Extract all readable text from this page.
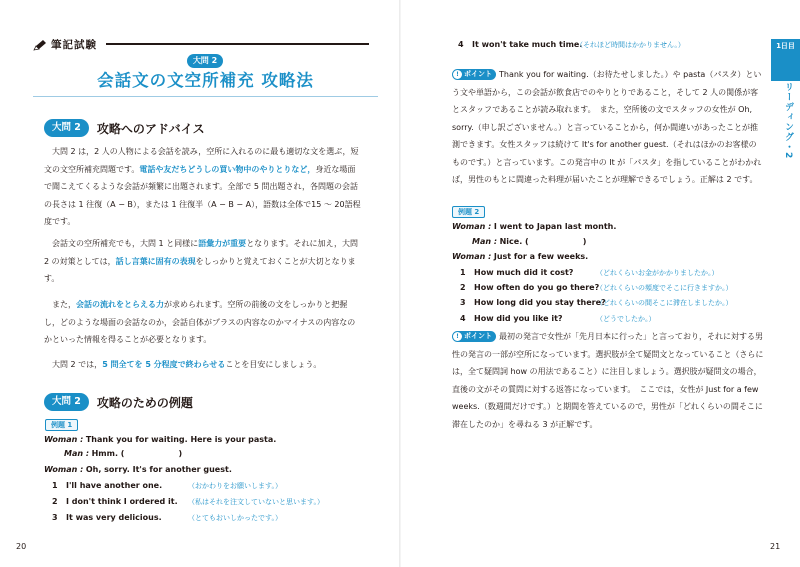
筆記試験
大問 2
会話文の文空所補充 攻略法
大問 2	攻略へのアドバイス
　大問 2 は，2 人の人物による会話を読み，空所に入れるのに最も適切な文を選ぶ，短文の文空所補充問題です。電話や友だちどうしの買い物中のやりとりなど，身近な場面で聞こえてくるような会話が頻繁に出題されます。全部で 5 問出題され，各問題の会話の長さは 1 往復（A − B），または 1 往復半（A − B − A），語数は全体で15 ～ 20語程度です。
　会話文の空所補充でも，大問 1 と同様に語彙力が重要となります。それに加え，大問 2 の対策としては，話し言葉に固有の表現をしっかりと覚えておくことが大切となります。
　また，会話の流れをとらえる力が求められます。空所の前後の文をしっかりと把握し，どのような場面の会話なのか，会話自体がプラスの内容なのかマイナスの内容なのかといった情報を得ることが必要となります。
　大問 2 では，5 問全てを 5 分程度で終わらせることを目安にしましょう。
大問 2	攻略のための例題
例題 1
Woman : Thank you for waiting. Here is your pasta.
Man : Hmm. (	)
Woman : Oh, sorry. It's for another guest.
1 I'll have another one.	（おかわりをお願いします。）
2 I don't think I ordered it. （私はそれを注文していないと思います。）
3 It was very delicious.	（とてもおいしかったです。）
20
4 It won't take much time.（それほど時間はかかりません。）
! ポイント Thank you for waiting.（お待たせしました。）や pasta（パスタ）という文や単語から，この会話が飲食店でのやりとりであること，そして 2 人の関係が客とスタッフであることが読み取れます。　また，空所後の文でスタッフの女性が Oh, sorry.（申し訳ございません。）と言っていることから，何か間違いがあったことが推測できます。女性スタッフは続けて It's for another guest.（それはほかのお客様のものです。）と言っています。この発言中の It が「パスタ」を指していることがわかれば，男性のもとに間違った料理が届いたことが理解できるでしょう。正解は 2 です。
例題 2
Woman : I went to Japan last month.
Man : Nice. (	)
Woman : Just for a few weeks.
1 How much did it cost?	（どれくらいお金がかかりましたか。）
2 How often do you go there?（どれくらいの頻度でそこに行きますか。）
3 How long did you stay there?（どれくらいの間そこに滞在しましたか。）
4 How did you like it?	（どうでしたか。）
! ポイント 最初の発言で女性が「先月日本に行った」と言っており，それに対する男性の発言の一部が空所になっています。選択肢が全て疑問文となっていること（さらには，全て疑問詞 how の用法であること）に注目しましょう。選択肢が疑問文の場合，直後の文がその質問に対する返答になっています。　ここでは，女性が Just for a few weeks.（数週間だけです。）と期間を答えているので，男性が「どれくらいの間そこに滞在したのか」を尋ねる 3 が正解です。
1日目
リーディング・2
21
